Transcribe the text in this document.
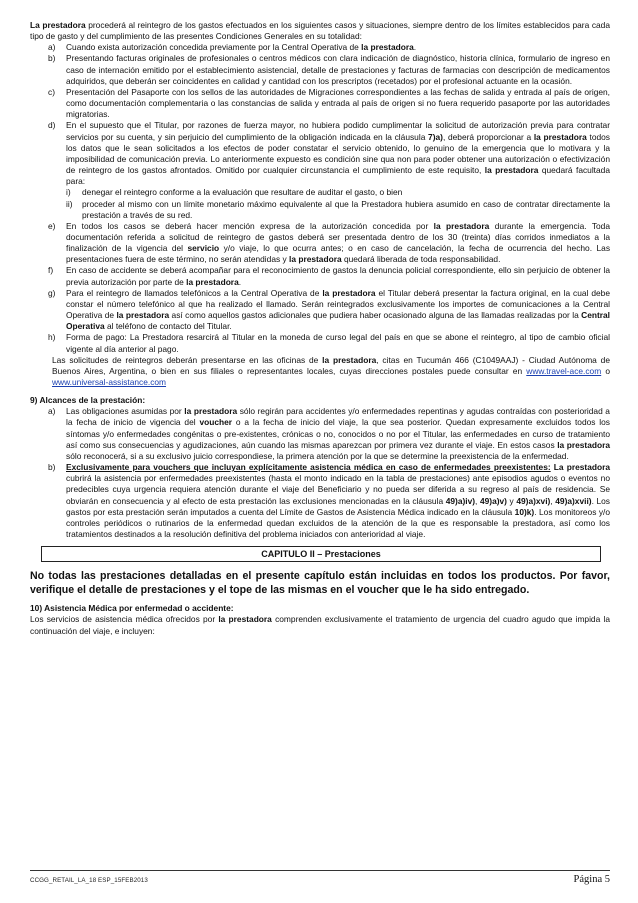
La prestadora procederá al reintegro de los gastos efectuados en los siguientes casos y situaciones, siempre dentro de los límites establecidos para cada tipo de gasto y del cumplimiento de las presentes Condiciones Generales en su totalidad:

a)	Cuando exista autorización concedida previamente por la Central Operativa de la prestadora.
b)	Presentando facturas originales de profesionales o centros médicos con clara indicación de diagnóstico, historia clínica, formulario de ingreso en caso de internación emitido por el establecimiento asistencial, detalle de prestaciones y facturas de farmacias con descripción de medicamentos adquiridos, que deberán ser coincidentes en calidad y cantidad con los prescriptos (recetados) por el profesional actuante en la ocasión.
c)	Presentación del Pasaporte con los sellos de las autoridades de Migraciones correspondientes a las fechas de salida y entrada al país de origen, como documentación complementaria o las constancias de salida y entrada al país de origen si no fuera requerido pasaporte por las autoridades migratorias.
d)	En el supuesto que el Titular, por razones de fuerza mayor, no hubiera podido cumplimentar la solicitud de autorización previa para contratar servicios por su cuenta, y sin perjuicio del cumplimiento de la obligación indicada en la cláusula 7)a), deberá proporcionar a la prestadora todos los datos que le sean solicitados a los efectos de poder constatar el servicio obtenido, lo genuino de la emergencia que lo motivara y la imposibilidad de comunicación previa. Lo anteriormente expuesto es condición sine qua non para poder obtener una autorización o efectivización de reintegro de los gastos afrontados. Omitido por cualquier circunstancia el cumplimiento de este requisito, la prestadora quedará facultada para:
i)	denegar el reintegro conforme a la evaluación que resultare de auditar el gasto, o bien
ii)	proceder al mismo con un límite monetario máximo equivalente al que la Prestadora hubiera asumido en caso de contratar directamente la prestación a través de su red.
e)	En todos los casos se deberá hacer mención expresa de la autorización concedida por la prestadora durante la emergencia. Toda documentación referida a solicitud de reintegro de gastos deberá ser presentada dentro de los 30 (treinta) días corridos inmediatos a la finalización de la vigencia del servicio y/o viaje, lo que ocurra antes; o en caso de cancelación, la fecha de ocurrencia del hecho. Las presentaciones fuera de este término, no serán atendidas y la prestadora quedará liberada de toda responsabilidad.
f)	En caso de accidente se deberá acompañar para el reconocimiento de gastos la denuncia policial correspondiente, ello sin perjuicio de obtener la previa autorización por parte de la prestadora.
g)	Para el reintegro de llamados telefónicos a la Central Operativa de la prestadora el Titular deberá presentar la factura original, en la cual debe constar el número telefónico al que ha realizado el llamado. Serán reintegrados exclusivamente los importes de comunicaciones a la Central Operativa de la prestadora así como aquellos gastos adicionales que pudiera haber ocasionado alguna de las llamadas realizadas por la Central Operativa al teléfono de contacto del Titular.
h)	Forma de pago: La Prestadora resarcirá al Titular en la moneda de curso legal del país en que se abone el reintegro, al tipo de cambio oficial vigente al día anterior al pago.

Las solicitudes de reintegros deberán presentarse en las oficinas de la prestadora, citas en Tucumán 466 (C1049AAJ) - Ciudad Autónoma de Buenos Aires, Argentina, o bien en sus filiales o representantes locales, cuyas direcciones postales puede consultar en www.travel-ace.com o www.universal-assistance.com

9) Alcances de la prestación:

a)	Las obligaciones asumidas por la prestadora sólo regirán para accidentes y/o enfermedades repentinas y agudas contraídas con posterioridad a la fecha de inicio de vigencia del voucher o a la fecha de inicio del viaje, la que sea posterior. Quedan expresamente excluidos todos los síntomas y/o enfermedades congénitas o pre-existentes, crónicas o no, conocidos o no por el Titular, las enfermedades en curso de tratamiento así como sus consecuencias y agudizaciones, aún cuando las mismas aparezcan por primera vez durante el viaje. En estos casos la prestadora sólo reconocerá, si a su exclusivo juicio correspondiese, la primera atención por la que se determine la preexistencia de la enfermedad.
b)	Exclusivamente para vouchers que incluyan explícitamente asistencia médica en caso de enfermedades preexistentes: La prestadora cubrirá la asistencia por enfermedades preexistentes (hasta el monto indicado en la tabla de prestaciones) ante episodios agudos o eventos no predecibles cuya urgencia requiera atención durante el viaje del Beneficiario y no pueda ser diferida a su regreso al país de residencia. Se obviarán en consecuencia y al efecto de esta prestación las exclusiones mencionadas en la cláusula 49)a)iv), 49)a)v) y 49)a)xvi), 49)a)xvii). Los gastos por esta prestación serán imputados a cuenta del Límite de Gastos de Asistencia Médica indicado en la cláusula 10)k). Los monitoreos y/o controles periódicos o rutinarios de la enfermedad quedan excluidos de la atención de la que es responsable la prestadora, así como los tratamientos destinados a la resolución definitiva del problema iniciados con anterioridad al viaje.
CAPITULO II – Prestaciones

No todas las prestaciones detalladas en el presente capítulo están incluidas en todos los productos. Por favor, verifique el detalle de prestaciones y el tope de las mismas en el voucher que le ha sido entregado.

10) Asistencia Médica por enfermedad o accidente:

Los servicios de asistencia médica ofrecidos por la prestadora comprenden exclusivamente el tratamiento de urgencia del cuadro agudo que impida la continuación del viaje, e incluyen:

CCGG_RETAIL_LA_18 ESP_15FEB2013	Página 5
